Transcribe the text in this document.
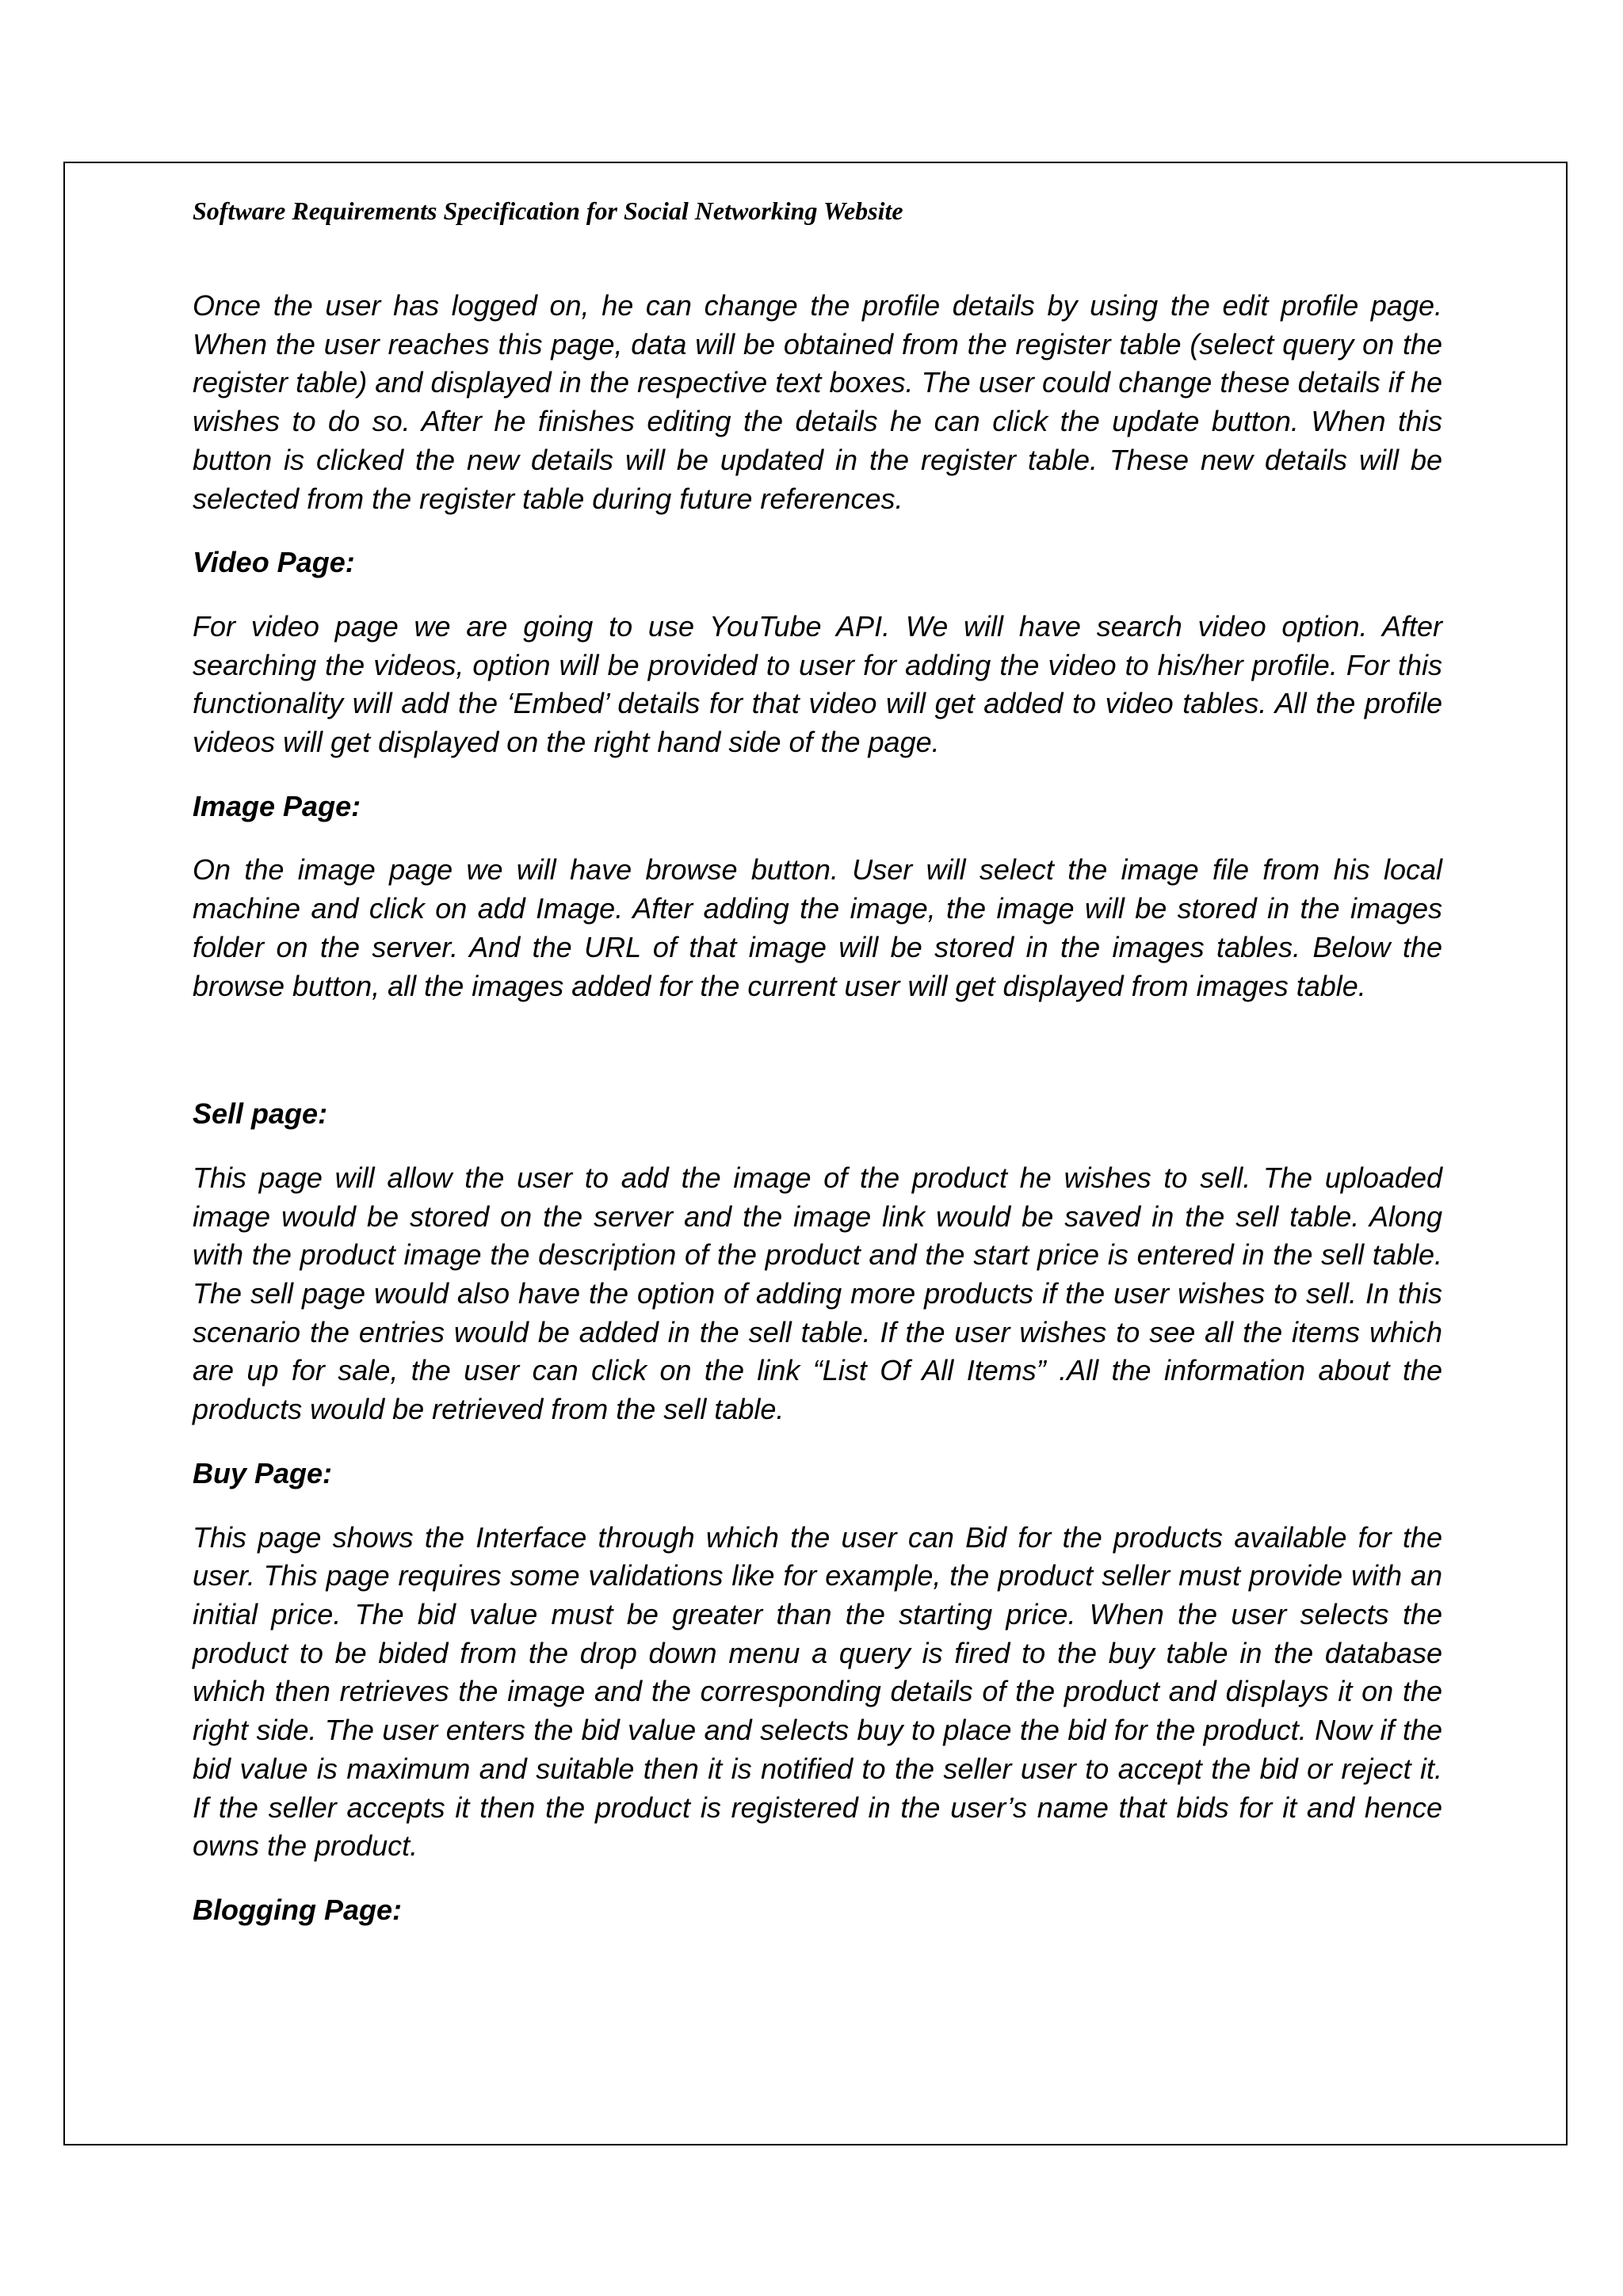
Software Requirements Specification for Social Networking Website

Once the user has logged on, he can change the profile details by using the edit profile page. When the user reaches this page, data will be obtained from the register table (select query on the register table) and displayed in the respective text boxes. The user could change these details if he wishes to do so. After he finishes editing the details he can click the update button. When this button is clicked the new details will be updated in the register table. These new details will be selected from the register table during future references.

Video Page:

For video page we are going to use YouTube API. We will have search video option. After searching the videos, option will be provided to user for adding the video to his/her profile. For this functionality will add the ‘Embed’ details for that video will get added to video tables. All the profile videos will get displayed on the right hand side of the page.

Image Page:

On the image page we will have browse button. User will select the image file from his local machine and click on add Image. After adding the image, the image will be stored in the images folder on the server. And the URL of that image will be stored in the images tables. Below the browse button, all the images added for the current user will get displayed from images table.

Sell page:

This page will allow the user to add the image of the product he wishes to sell. The uploaded image would be stored on the server and the image link would be saved in the sell table. Along with the product image the description of the product and the start price is entered in the sell table. The sell page would also have the option of adding more products if the user wishes to sell. In this scenario the entries would be added in the sell table. If the user wishes to see all the items which are up for sale, the user can click on the link “List Of All Items” .All the information about the products would be retrieved from the sell table.

Buy Page:

This page shows the Interface through which the user can Bid for the products available for the user. This page requires some validations like for example, the product seller must provide with an initial price. The bid value must be greater than the starting price. When the user selects the product to be bided from the drop down menu a query is fired to the buy table in the database which then retrieves the image and the corresponding details of the product and displays it on the right side. The user enters the bid value and selects buy to place the bid for the product. Now if the bid value is maximum and suitable then it is notified to the seller user to accept the bid or reject it. If the seller accepts it then the product is registered in the user’s name that bids for it and hence owns the product.

Blogging Page:
